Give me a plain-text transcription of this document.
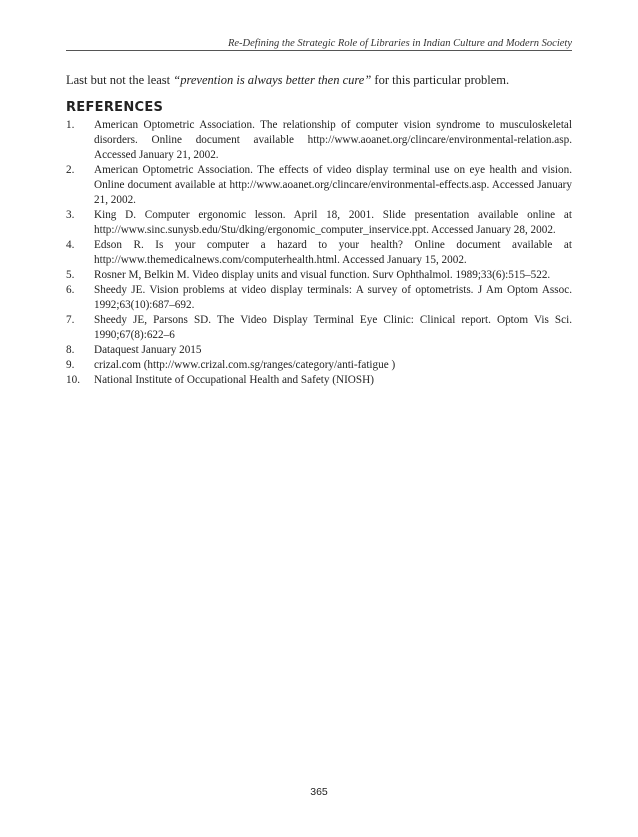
Re-Defining the Strategic Role of Libraries in Indian Culture and Modern Society

Last but not the least “prevention is always better then cure” for this particular problem.

REFERENCES
1.	American Optometric Association. The relationship of computer vision syndrome to musculoskeletal disorders. Online document available http://www.aoanet.org/clincare/environmental-relation.asp. Accessed January 21, 2002.
2.	American Optometric Association. The effects of video display terminal use on eye health and vision. Online document available at http://www.aoanet.org/clincare/environmental-effects.asp. Accessed January 21, 2002.
3.	King D. Computer ergonomic lesson. April 18, 2001. Slide presentation available online at http://www.sinc.sunysb.edu/Stu/dking/ergonomic_computer_inservice.ppt. Accessed January 28, 2002.
4.	Edson R. Is your computer a hazard to your health? Online document available at http://www.themedicalnews.com/computerhealth.html. Accessed January 15, 2002.
5.	Rosner M, Belkin M. Video display units and visual function. Surv Ophthalmol. 1989;33(6):515–522.
6.	Sheedy JE. Vision problems at video display terminals: A survey of optometrists. J Am Optom Assoc. 1992;63(10):687–692.
7.	Sheedy JE, Parsons SD. The Video Display Terminal Eye Clinic: Clinical report. Optom Vis Sci. 1990;67(8):622–6
8.	Dataquest January 2015
9.	crizal.com (http://www.crizal.com.sg/ranges/category/anti-fatigue )
10.	National Institute of Occupational Health and Safety (NIOSH)
365
